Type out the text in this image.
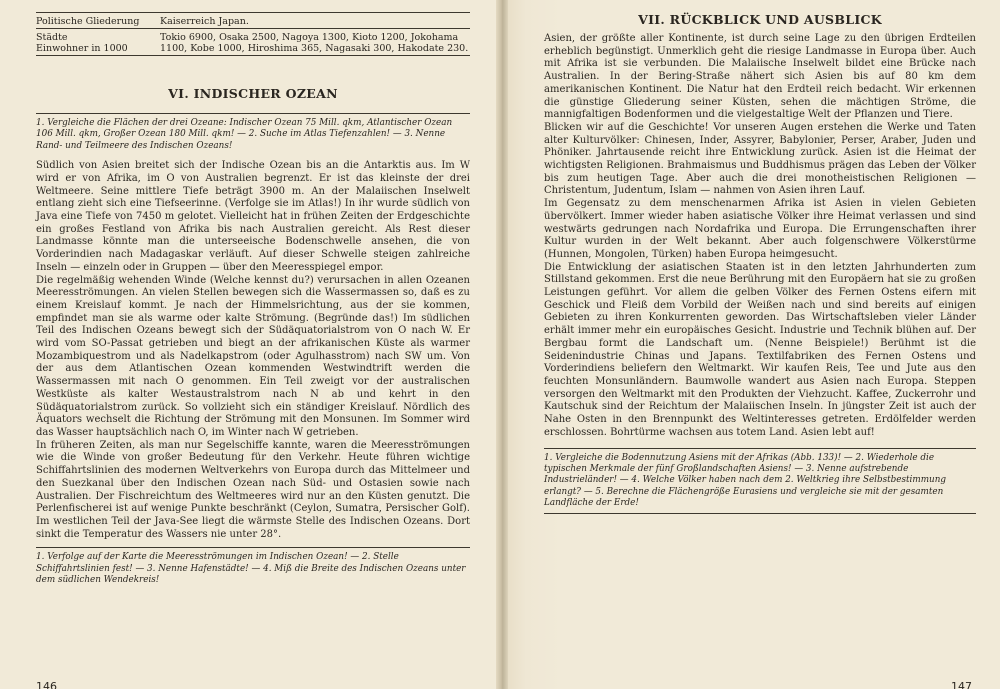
Politische Gliederung	Kaiserreich Japan.
Städte
Einwohner in 1000	Tokio 6900, Osaka 2500, Nagoya 1300, Kioto 1200, Jokohama 1100, Kobe 1000, Hiroshima 365, Nagasaki 300, Hakodate 230.
VI. INDISCHER OZEAN

1. Vergleiche die Flächen der drei Ozeane: Indischer Ozean 75 Mill. qkm, Atlantischer Ozean 106 Mill. qkm, Großer Ozean 180 Mill. qkm! — 2. Suche im Atlas Tiefenzahlen! — 3. Nenne Rand- und Teilmeere des Indischen Ozeans!

Südlich von Asien breitet sich der Indische Ozean bis an die Antarktis aus. Im W wird er von Afrika, im O von Australien begrenzt. Er ist das kleinste der drei Weltmeere. Seine mittlere Tiefe beträgt 3900 m. An der Malaiischen Inselwelt entlang zieht sich eine Tiefseerinne. (Verfolge sie im Atlas!) In ihr wurde südlich von Java eine Tiefe von 7450 m gelotet. Vielleicht hat in frühen Zeiten der Erdgeschichte ein großes Festland von Afrika bis nach Australien gereicht. Als Rest dieser Landmasse könnte man die unterseeische Bodenschwelle ansehen, die von Vorderindien nach Madagaskar verläuft. Auf dieser Schwelle steigen zahlreiche Inseln — einzeln oder in Gruppen — über den Meeresspiegel empor.

Die regelmäßig wehenden Winde (Welche kennst du?) verursachen in allen Ozeanen Meeresströmungen. An vielen Stellen bewegen sich die Wassermassen so, daß es zu einem Kreislauf kommt. Je nach der Himmelsrichtung, aus der sie kommen, empfindet man sie als warme oder kalte Strömung. (Begründe das!) Im südlichen Teil des Indischen Ozeans bewegt sich der Südäquatorialstrom von O nach W. Er wird vom SO-Passat getrieben und biegt an der afrikanischen Küste als warmer Mozambiquestrom und als Nadelkapstrom (oder Agulhasstrom) nach SW um. Von der aus dem Atlantischen Ozean kommenden Westwindtrift werden die Wassermassen mit nach O genommen. Ein Teil zweigt vor der australischen Westküste als kalter Westaustralstrom nach N ab und kehrt in den Südäquatorialstrom zurück. So vollzieht sich ein ständiger Kreislauf. Nördlich des Äquators wechselt die Richtung der Strömung mit den Monsunen. Im Sommer wird das Wasser hauptsächlich nach O, im Winter nach W getrieben.

In früheren Zeiten, als man nur Segelschiffe kannte, waren die Meeresströmungen wie die Winde von großer Bedeutung für den Verkehr. Heute führen wichtige Schiffahrtslinien des modernen Weltverkehrs von Europa durch das Mittelmeer und den Suezkanal über den Indischen Ozean nach Süd- und Ostasien sowie nach Australien. Der Fischreichtum des Weltmeeres wird nur an den Küsten genutzt. Die Perlenfischerei ist auf wenige Punkte beschränkt (Ceylon, Sumatra, Persischer Golf). Im westlichen Teil der Java-See liegt die wärmste Stelle des Indischen Ozeans. Dort sinkt die Temperatur des Wassers nie unter 28°.

1. Verfolge auf der Karte die Meeresströmungen im Indischen Ozean! — 2. Stelle Schiffahrtslinien fest! — 3. Nenne Hafenstädte! — 4. Miß die Breite des Indischen Ozeans unter dem südlichen Wendekreis!

146
VII. RÜCKBLICK UND AUSBLICK

Asien, der größte aller Kontinente, ist durch seine Lage zu den übrigen Erdteilen erheblich begünstigt. Unmerklich geht die riesige Landmasse in Europa über. Auch mit Afrika ist sie verbunden. Die Malaiische Inselwelt bildet eine Brücke nach Australien. In der Bering-Straße nähert sich Asien bis auf 80 km dem amerikanischen Kontinent. Die Natur hat den Erdteil reich bedacht. Wir erkennen die günstige Gliederung seiner Küsten, sehen die mächtigen Ströme, die mannigfaltigen Bodenformen und die vielgestaltige Welt der Pflanzen und Tiere.

Blicken wir auf die Geschichte! Vor unseren Augen erstehen die Werke und Taten alter Kulturvölker: Chinesen, Inder, Assyrer, Babylonier, Perser, Araber, Juden und Phöniker. Jahrtausende reicht ihre Entwicklung zurück. Asien ist die Heimat der wichtigsten Religionen. Brahmaismus und Buddhismus prägen das Leben der Völker bis zum heutigen Tage. Aber auch die drei monotheistischen Religionen — Christentum, Judentum, Islam — nahmen von Asien ihren Lauf.

Im Gegensatz zu dem menschenarmen Afrika ist Asien in vielen Gebieten übervölkert. Immer wieder haben asiatische Völker ihre Heimat verlassen und sind westwärts gedrungen nach Nordafrika und Europa. Die Errungenschaften ihrer Kultur wurden in der Welt bekannt. Aber auch folgenschwere Völkerstürme (Hunnen, Mongolen, Türken) haben Europa heimgesucht.

Die Entwicklung der asiatischen Staaten ist in den letzten Jahrhunderten zum Stillstand gekommen. Erst die neue Berührung mit den Europäern hat sie zu großen Leistungen geführt. Vor allem die gelben Völker des Fernen Ostens eifern mit Geschick und Fleiß dem Vorbild der Weißen nach und sind bereits auf einigen Gebieten zu ihren Konkurrenten geworden. Das Wirtschaftsleben vieler Länder erhält immer mehr ein europäisches Gesicht. Industrie und Technik blühen auf. Der Bergbau formt die Landschaft um. (Nenne Beispiele!) Berühmt ist die Seidenindustrie Chinas und Japans. Textilfabriken des Fernen Ostens und Vorderindiens beliefern den Weltmarkt. Wir kaufen Reis, Tee und Jute aus den feuchten Monsunländern. Baumwolle wandert aus Asien nach Europa. Steppen versorgen den Weltmarkt mit den Produkten der Viehzucht. Kaffee, Zuckerrohr und Kautschuk sind der Reichtum der Malaiischen Inseln. In jüngster Zeit ist auch der Nahe Osten in den Brennpunkt des Weltinteresses getreten. Erdölfelder werden erschlossen. Bohrtürme wachsen aus totem Land. Asien lebt auf!

1. Vergleiche die Bodennutzung Asiens mit der Afrikas (Abb. 133)! — 2. Wiederhole die typischen Merkmale der fünf Großlandschaften Asiens! — 3. Nenne aufstrebende Industrieländer! — 4. Welche Völker haben nach dem 2. Weltkrieg ihre Selbstbestimmung erlangt? — 5. Berechne die Flächengröße Eurasiens und vergleiche sie mit der gesamten Landfläche der Erde!

147
